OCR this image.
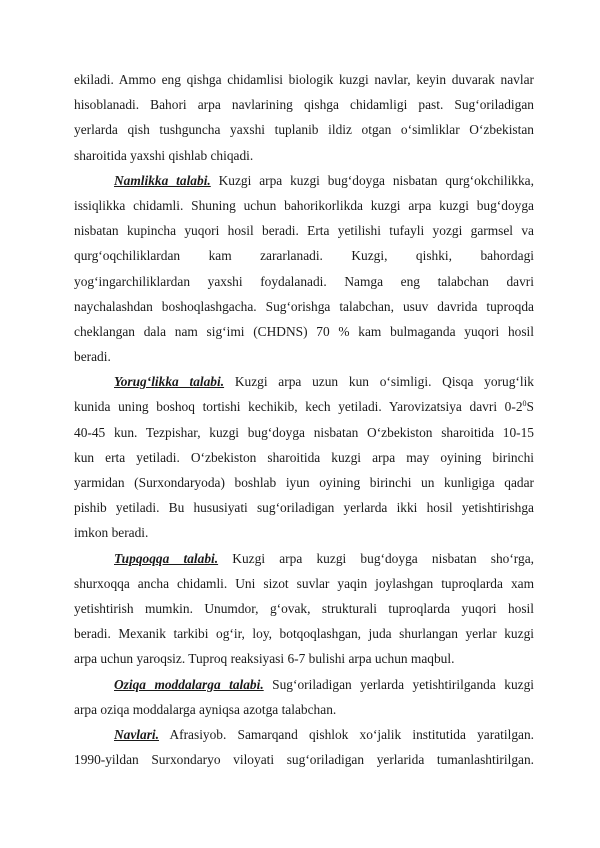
ekiladi. Ammo eng qishga chidamlisi biologik kuzgi navlar, keyin duvarak navlar
hisoblanadi. Bahori arpa navlarining qishga chidamligi past. Sug‘oriladigan
yerlarda qish tushguncha yaxshi tuplanib ildiz otgan o‘simliklar O‘zbekistan
sharoitida yaxshi qishlab chiqadi.
Namlikka talabi. Kuzgi arpa kuzgi bug‘doyga nisbatan qurg‘okchilikka,
issiqlikka chidamli. Shuning uchun bahorikorlikda kuzgi arpa kuzgi bug‘doyga
nisbatan kupincha yuqori hosil beradi. Erta yetilishi tufayli yozgi garmsel va
qurg‘oqchiliklardan kam zararlanadi. Kuzgi, qishki, bahordagi
yog‘ingarchiliklardan yaxshi foydalanadi. Namga eng talabchan davri
naychalashdan boshoqlashgacha. Sug‘orishga talabchan, usuv davrida tuproqda
cheklangan dala nam sig‘imi (CHDNS) 70 % kam bulmaganda yuqori hosil
beradi.
Yorug‘likka talabi. Kuzgi arpa uzun kun o‘simligi. Qisqa yorug‘lik
kunida uning boshoq tortishi kechikib, kech yetiladi. Yarovizatsiya davri $0-2^0S$
40-45 kun. Tezpishar, kuzgi bug‘doyga nisbatan O‘zbekiston sharoitida 10-15
kun erta yetiladi. O‘zbekiston sharoitida kuzgi arpa may oyining birinchi
yarmidan (Surxondaryoda) boshlab iyun oyining birinchi un kunligiga qadar
pishib yetiladi. Bu hususiyati sug‘oriladigan yerlarda ikki hosil yetishtirishga
imkon beradi.
Tupqoqqa talabi. Kuzgi arpa kuzgi bug‘doyga nisbatan sho‘rga,
shurxoqqa ancha chidamli. Uni sizot suvlar yaqin joylashgan tuproqlarda xam
yetishtirish mumkin. Unumdor, g‘ovak, strukturali tuproqlarda yuqori hosil
beradi. Mexanik tarkibi og‘ir, loy, botqoqlashgan, juda shurlangan yerlar kuzgi
arpa uchun yaroqsiz. Tuproq reaksiyasi 6-7 bulishi arpa uchun maqbul.
Oziqa moddalarga talabi. Sug‘oriladigan yerlarda yetishtirilganda kuzgi
arpa oziqa moddalarga ayniqsa azotga talabchan.
Navlari. Afrasiyob. Samarqand qishlok xo‘jalik institutida yaratilgan.
1990-yildan Surxondaryo viloyati sug‘oriladigan yerlarida tumanlashtirilgan.
